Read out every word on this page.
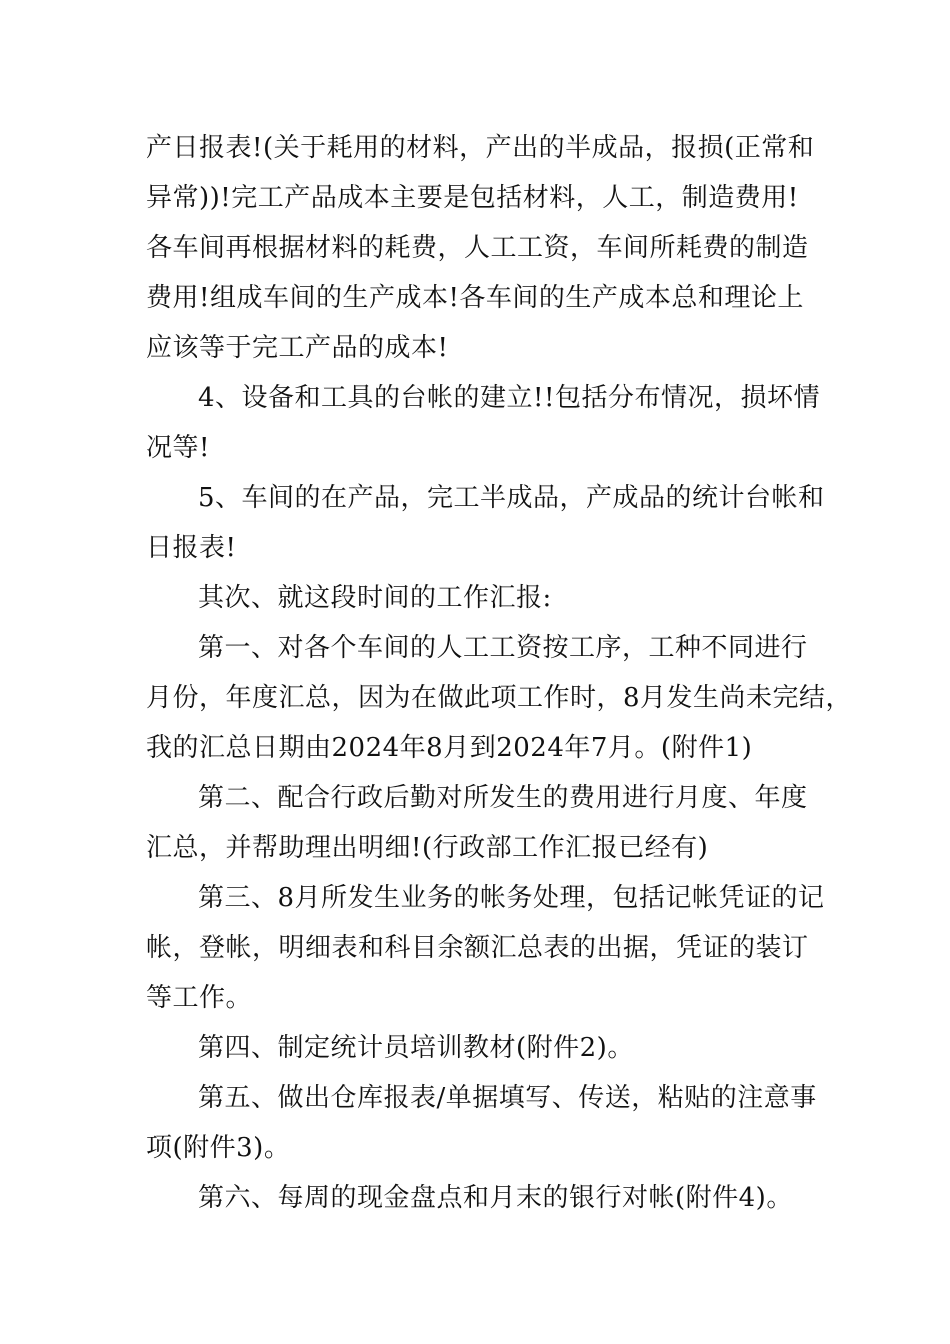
产日报表!(关于耗用的材料，产出的半成品，报损(正常和
异常))!完工产品成本主要是包括材料，人工，制造费用!
各车间再根据材料的耗费，人工工资，车间所耗费的制造
费用!组成车间的生产成本!各车间的生产成本总和理论上
应该等于完工产品的成本!
4、设备和工具的台帐的建立!!包括分布情况，损坏情
况等!
5、车间的在产品，完工半成品，产成品的统计台帐和
日报表!
其次、就这段时间的工作汇报:
第一、对各个车间的人工工资按工序，工种不同进行
月份，年度汇总，因为在做此项工作时，8月发生尚未完结，
我的汇总日期由2024年8月到2024年7月。(附件1)
第二、配合行政后勤对所发生的费用进行月度、年度
汇总，并帮助理出明细!(行政部工作汇报已经有)
第三、8月所发生业务的帐务处理，包括记帐凭证的记
帐，登帐，明细表和科目余额汇总表的出据，凭证的装订
等工作。
第四、制定统计员培训教材(附件2)。
第五、做出仓库报表/单据填写、传送，粘贴的注意事
项(附件3)。
第六、每周的现金盘点和月末的银行对帐(附件4)。
